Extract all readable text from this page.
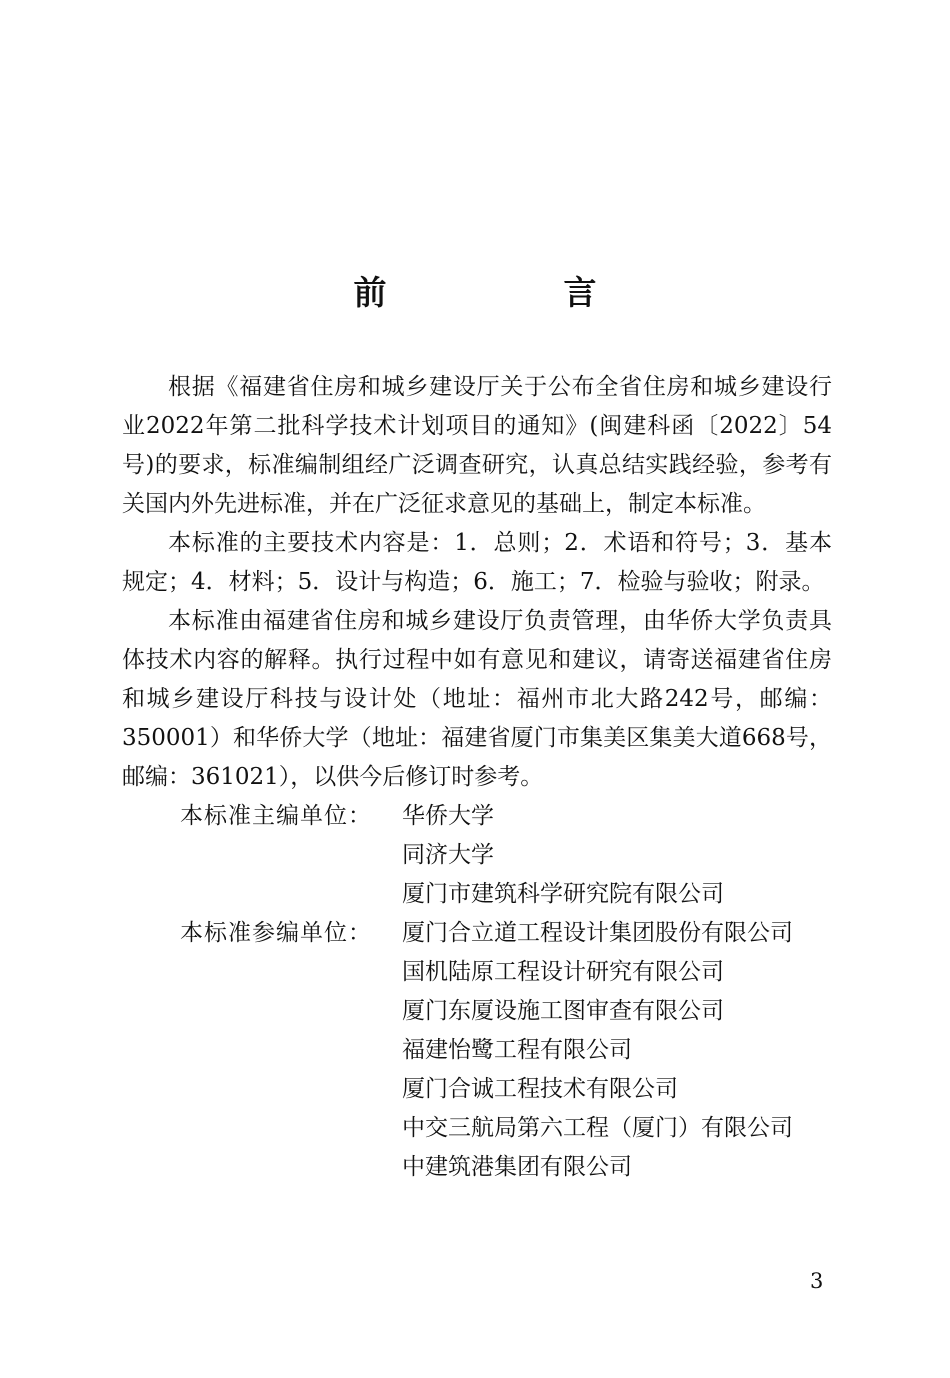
前　言

根据《福建省住房和城乡建设厅关于公布全省住房和城乡建设行业2022年第二批科学技术计划项目的通知》(闽建科函〔2022〕54号)的要求，标准编制组经广泛调查研究，认真总结实践经验，参考有关国内外先进标准，并在广泛征求意见的基础上，制定本标准。

本标准的主要技术内容是：1．总则；2．术语和符号；3．基本规定；4．材料；5．设计与构造；6．施工；7．检验与验收；附录。

本标准由福建省住房和城乡建设厅负责管理，由华侨大学负责具体技术内容的解释。执行过程中如有意见和建议，请寄送福建省住房和城乡建设厅科技与设计处（地址：福州市北大路242号，邮编：350001）和华侨大学（地址：福建省厦门市集美区集美大道668号，邮编：361021），以供今后修订时参考。

本标准主编单位：	华侨大学
同济大学
厦门市建筑科学研究院有限公司
本标准参编单位：	厦门合立道工程设计集团股份有限公司
国机陆原工程设计研究有限公司
厦门东厦设施工图审查有限公司
福建怡鹭工程有限公司
厦门合诚工程技术有限公司
中交三航局第六工程（厦门）有限公司
中建筑港集团有限公司
3
